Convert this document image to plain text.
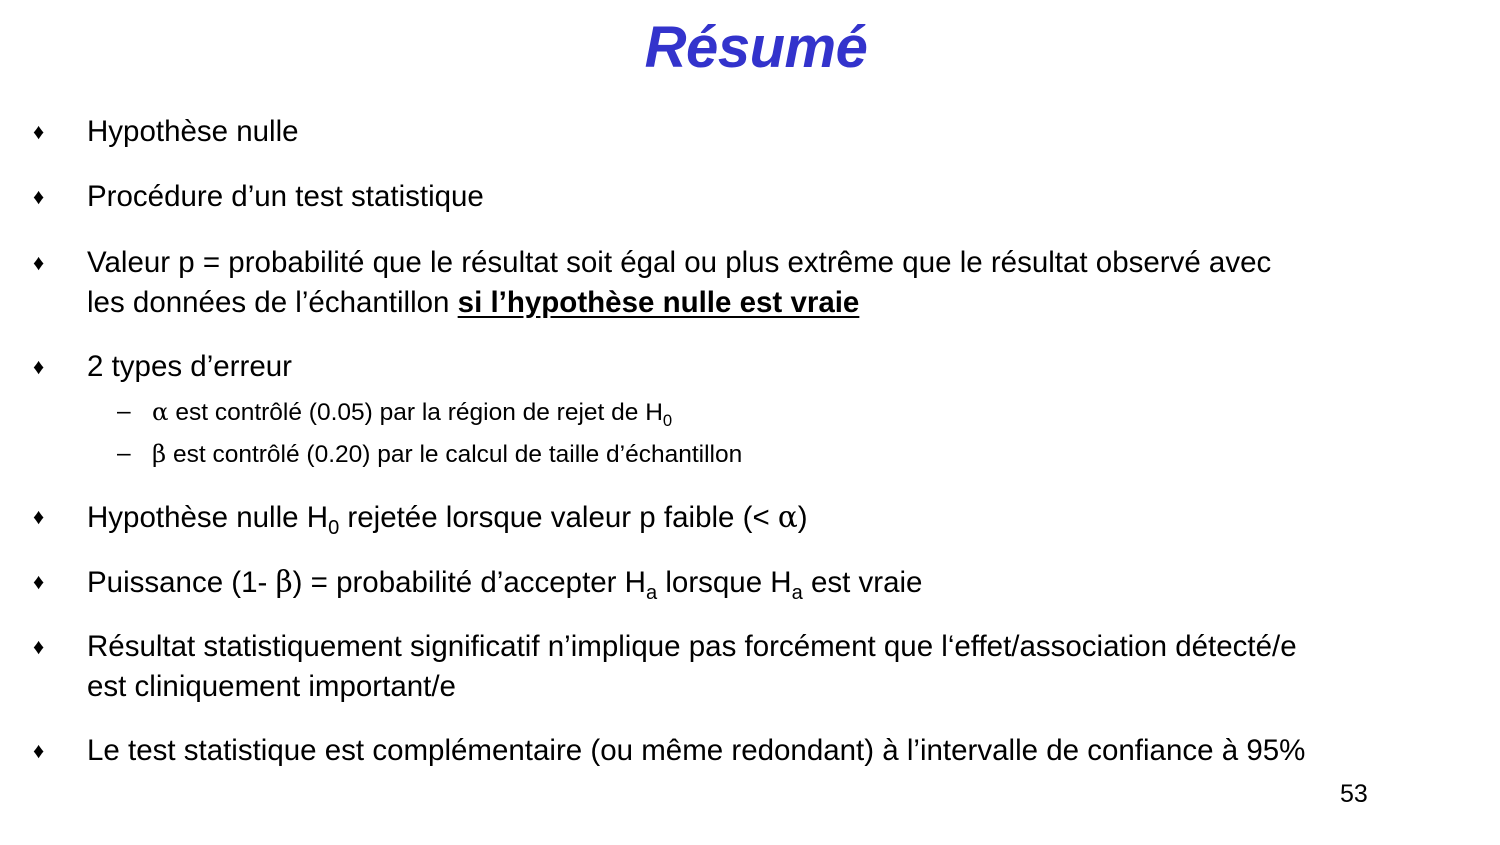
Résumé
♦ Hypothèse nulle
♦ Procédure d’un test statistique
♦ Valeur p = probabilité que le résultat soit égal ou plus extrême que le résultat observé avec
les données de l’échantillon si l’hypothèse nulle est vraie
♦ 2 types d’erreur
– α est contrôlé (0.05) par la région de rejet de $H_0$
– β est contrôlé (0.20) par le calcul de taille d’échantillon
♦ Hypothèse nulle $H_0$ rejetée lorsque valeur p faible (< α)
♦ Puissance (1- β) = probabilité d’accepter $H_a$ lorsque $H_a$ est vraie
♦ Résultat statistiquement significatif n’implique pas forcément que l‘effet/association détecté/e
est cliniquement important/e
♦ Le test statistique est complémentaire (ou même redondant) à l’intervalle de confiance à 95%
53
